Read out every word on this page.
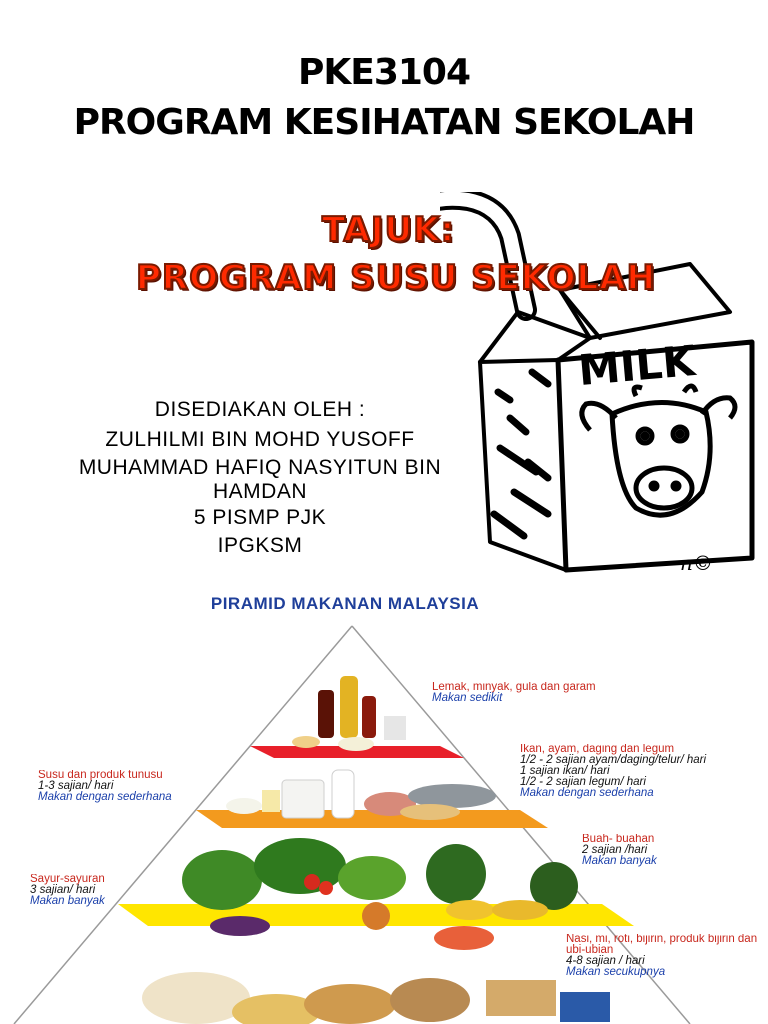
PKE3104
PROGRAM KESIHATAN SEKOLAH
MILK
n©
TAJUK:
PROGRAM SUSU SEKOLAH
DISEDIAKAN OLEH :
ZULHILMI BIN MOHD YUSOFF
MUHAMMAD HAFIQ NASYITUN BIN HAMDAN
5 PISMP PJK
IPGKSM
PIRAMID MAKANAN MALAYSIA
Lemak, minyak, gula dan garam
Makan sedikit
Ikan, ayam, daging dan legum
1/2 - 2 sajian ayam/daging/telur/ hari
1 sajian ikan/ hari
1/2 - 2 sajian legum/ hari
Makan dengan sederhana
Susu dan produk tunusu
1-3 sajian/ hari
Makan dengan sederhana
Buah- buahan
2 sajian /hari
Makan banyak
Sayur-sayuran
3 sajian/ hari
Makan banyak
Nasi, mi, roti, bijirin, produk bijirin dan ubi-ubian
4-8 sajian / hari
Makan secukupnya
